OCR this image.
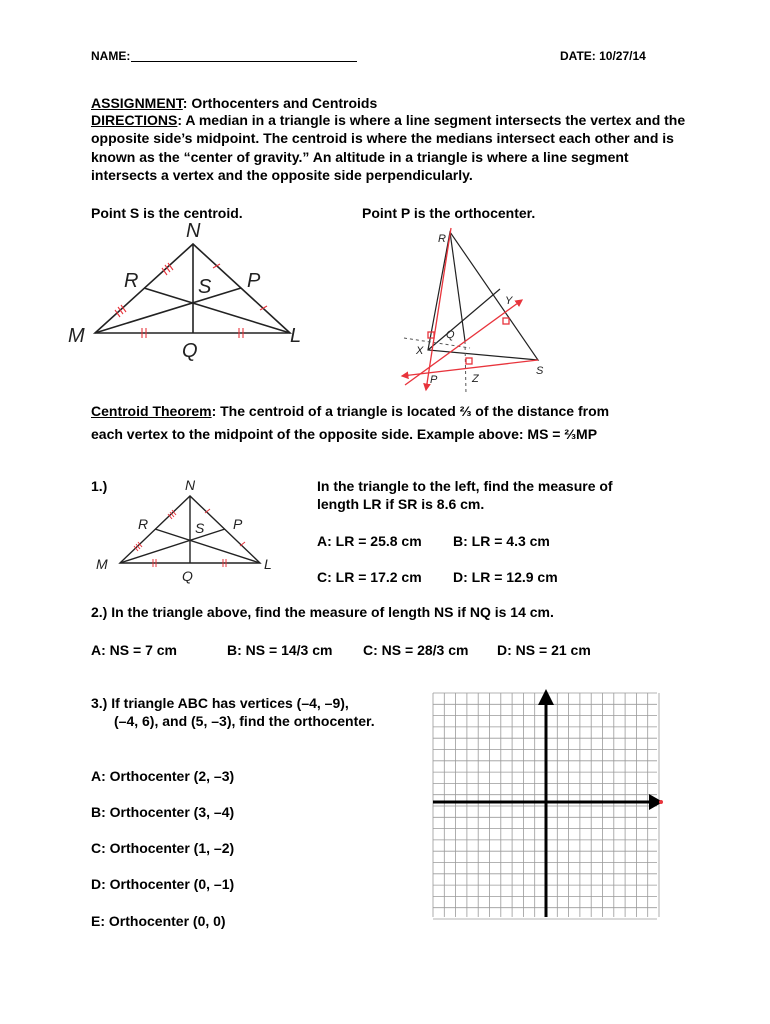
NAME:	DATE: 10/27/14
ASSIGNMENT: Orthocenters and Centroids
DIRECTIONS: A median in a triangle is where a line segment intersects the vertex and the opposite side’s midpoint. The centroid is where the medians intersect each other and is known as the “center of gravity.” An altitude in a triangle is where a line segment intersects a vertex and the opposite side perpendicularly.
Point S is the centroid.	Point P is the orthocenter.
N
R	S P
M	L
Q
R
Y
Q
X
P	Z
S
Centroid Theorem: The centroid of a triangle is located ⅔ of the distance from
each vertex to the midpoint of the opposite side. Example above: MS = ⅔MP
1.)	N
R	S P
M	L
Q
In the triangle to the left, find the measure of
length LR if SR is 8.6 cm.
A: LR = 25.8 cm B: LR = 4.3 cm
C: LR = 17.2 cm D: LR = 12.9 cm
2.) In the triangle above, find the measure of length NS if NQ is 14 cm.
A: NS = 7 cm	B: NS = 14/3 cm C: NS = 28/3 cm D: NS = 21 cm
3.) If triangle ABC has vertices (–4, –9),
(–4, 6), and (5, –3), find the orthocenter.
A: Orthocenter (2, –3)
B: Orthocenter (3, –4)
C: Orthocenter (1, –2)
D: Orthocenter (0, –1)
E: Orthocenter (0, 0)
